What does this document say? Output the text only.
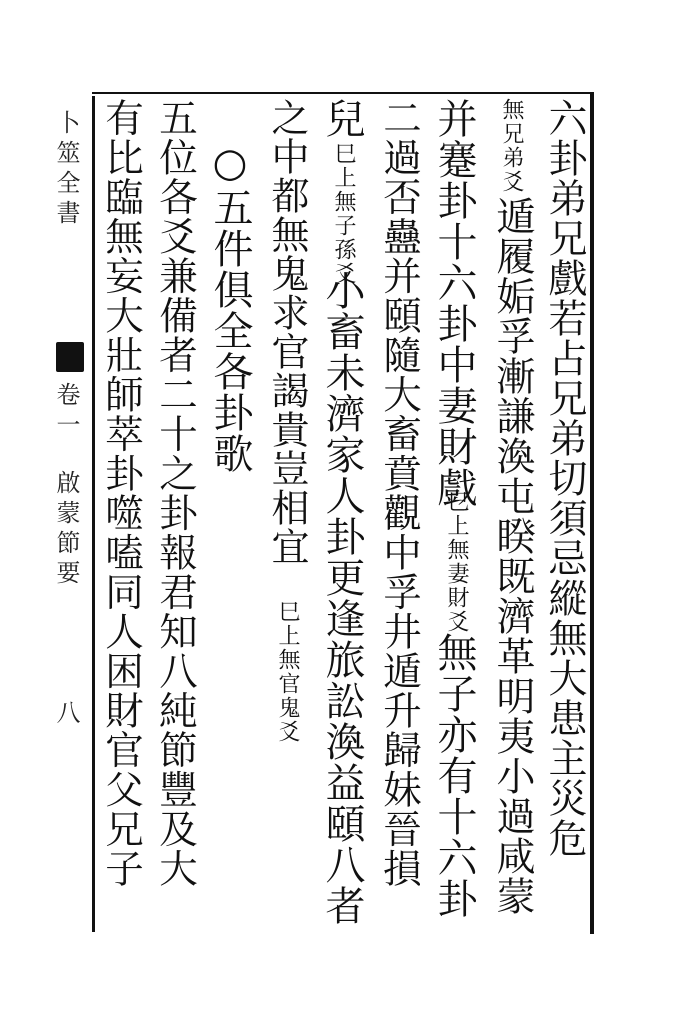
六卦弟兄戲若占兄弟切須忌縱無大患主災危
無兄弟爻
遁履姤孚漸謙渙屯睽既濟革明夷小過咸蒙
并蹇卦十六卦中妻財戲
巳上無妻財爻
無子亦有十六卦
二過否蠱并頤隨大畜賁觀中孚井遁升歸妹晉損
兒
巳上無子孫爻
小畜未濟家人卦更逢旅訟渙益頤八者
之中都無鬼求官謁貴豈相宜
巳上無官鬼爻
○五件俱全各卦歌
五位各爻兼備者二十之卦報君知八純節豐及大
有比臨無妄大壯師萃卦噬嗑同人困財官父兄子
卜筮全書
卷一
啟蒙節要
八
